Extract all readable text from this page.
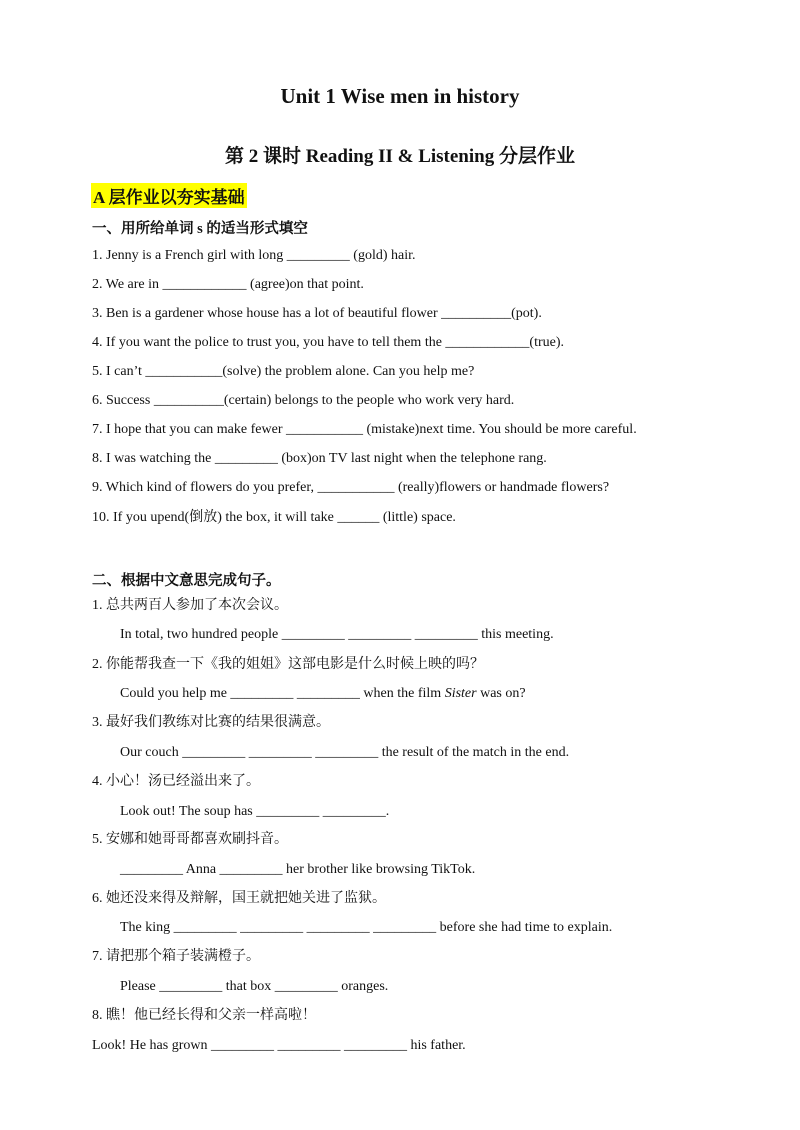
Unit 1 Wise men in history
第 2 课时 Reading II & Listening 分层作业
A 层作业以夯实基础
一、用所给单词 s 的适当形式填空
1. Jenny is a French girl with long _________ (gold) hair.
2. We are in ____________ (agree)on that point.
3. Ben is a gardener whose house has a lot of beautiful flower __________(pot).
4. If you want the police to trust you, you have to tell them the ____________(true).
5. I can’t ___________(solve) the problem alone. Can you help me?
6. Success __________(certain) belongs to the people who work very hard.
7. I hope that you can make fewer ___________ (mistake)next time. You should be more careful.
8. I was watching the _________ (box)on TV last night when the telephone rang.
9. Which kind of flowers do you prefer, ___________ (really)flowers or handmade flowers?
10. If you upend(倒放) the box, it will take ______ (little) space.
二、根据中文意思完成句子。
1. 总共两百人参加了本次会议。
In total, two hundred people _________ _________ _________ this meeting.
2. 你能帮我查一下《我的姐姐》这部电影是什么时候上映的吗？
Could you help me _________ _________ when the film Sister was on?
3. 最好我们教练对比赛的结果很满意。
Our couch _________ _________ _________ the result of the match in the end.
4. 小心！汤已经溢出来了。
Look out! The soup has _________ _________.
5. 安娜和她哥哥都喜欢刷抖音。
_________ Anna _________ her brother like browsing TikTok.
6. 她还没来得及辩解，国王就把她关进了监狱。
The king _________ _________ _________ _________ before she had time to explain.
7. 请把那个箱子装满橙子。
Please _________ that box _________ oranges.
8. 瞧！他已经长得和父亲一样高啦！
Look! He has grown _________ _________ _________ his father.
